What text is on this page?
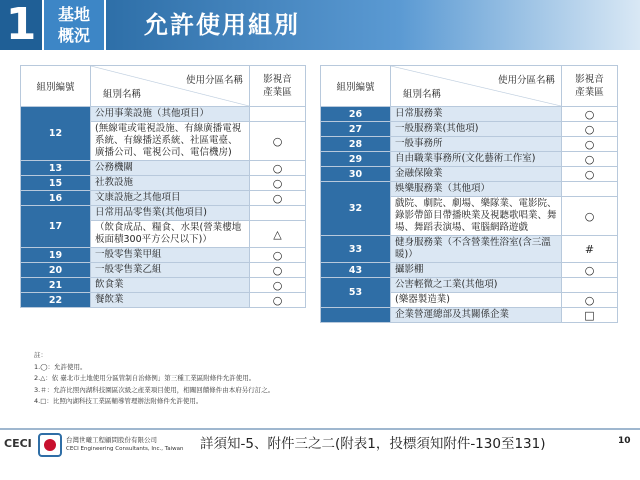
1	基地
概況	允許使用組別
組別編號	使用分區名稱
組別名稱	影視音
產業區

12	公用事業設施（其他項目）	
	(無線電或電視設施、有線廣播電視系統、有線播送系統、社區電臺、廣播公司、電視公司、電信機房)	○
13	公務機關	○
15	社教設施	○
16	文康設施之其他項目	○
17	日常用品零售業(其他項目)	
	（飲食成品、糧食、水果(營業樓地板面積300平方公尺以下)）	△
19	一般零售業甲組	○
20	一般零售業乙組	○
21	飲食業	○
22	餐飲業	○
組別編號	使用分區名稱
組別名稱	影視音
產業區

26	日常服務業	○
27	一般服務業(其他項)	○
28	一般事務所	○
29	自由職業事務所(文化藝術工作室)	○
30	金融保險業	○
32	娛樂服務業（其他項）	
	戲院、劇院、劇場、樂隊業、電影院、錄影帶節目帶播映業及視聽歌唱業、舞場、舞蹈表演場、電腦網路遊戲	○
33	健身服務業（不含營業性浴室(含三溫暖)）	#
43	攝影棚	○
53	公害輕微之工業(其他項)	
	(樂器製造業)	○
	企業營運總部及其關係企業	□
註：
1.◯：允許使用。
2.△：依 臺北市土地使用分區管制自治條例」第三種工業區附條件允許使用。
3.＃：允許比照內湖科技園區次級之產業項目使用，相關回饋條件由本府另行訂之。
4.□：比照內湖科技工業區輔導管理辦法附條件允許使用。
CECI	台灣世曦工程顧問股份有限公司
CECI Engineering Consultants, Inc., Taiwan 詳須知-5、附件三之二(附表1，投標須知附件-130至131)	10
